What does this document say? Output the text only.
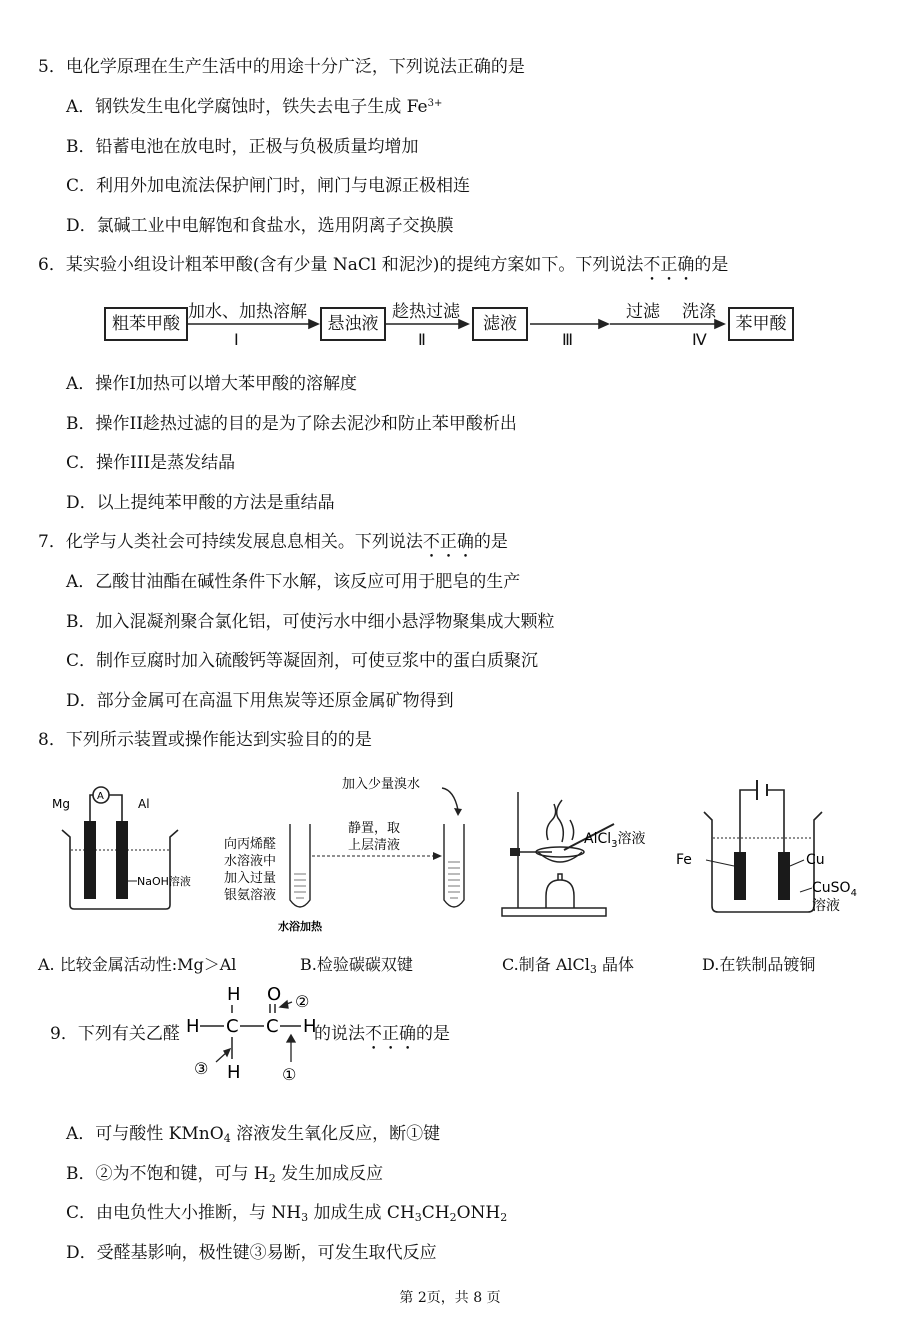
5．电化学原理在生产生活中的用途十分广泛，下列说法正确的是
A．钢铁发生电化学腐蚀时，铁失去电子生成 $Fe^{3+}$
B．铅蓄电池在放电时，正极与负极质量均增加
C．利用外加电流法保护闸门时，闸门与电源正极相连
D．氯碱工业中电解饱和食盐水，选用阴离子交换膜
6．某实验小组设计粗苯甲酸(含有少量 NaCl 和泥沙)的提纯方案如下。下列说法不正确的是
粗苯甲酸	悬浊液	滤液	苯甲酸
加水、加热溶解	趁热过滤	过滤 洗涤
Ⅰ	Ⅱ	Ⅲ	Ⅳ
A．操作I加热可以增大苯甲酸的溶解度
B．操作II趁热过滤的目的是为了除去泥沙和防止苯甲酸析出
C．操作III是蒸发结晶
D．以上提纯苯甲酸的方法是重结晶
7．化学与人类社会可持续发展息息相关。下列说法不正确的是
A．乙酸甘油酯在碱性条件下水解，该反应可用于肥皂的生产
B．加入混凝剂聚合氯化铝，可使污水中细小悬浮物聚集成大颗粒
C．制作豆腐时加入硫酸钙等凝固剂，可使豆浆中的蛋白质聚沉
D．部分金属可在高温下用焦炭等还原金属矿物得到
8．下列所示装置或操作能达到实验目的的是
Mg	Al
A
NaOH溶液
加入少量溴水
向丙烯醛
水溶液中
加入过量
银氨溶液
静置，取
上层清液
水浴加热
AlCl$_3$溶液
Fe	Cu
CuSO$_4$
溶液
A. 比较金属活动性:Mg＞Al	B.检验碳碳双键	C.制备 AlCl$_3$ 晶体	D.在铁制品镀铜
9．下列有关乙醛 H C C H
H
H
O ②
③	①
的说法不正确的是
A．可与酸性 KMnO$_4$ 溶液发生氧化反应，断①键
B．②为不饱和键，可与 $H_2$ 发生加成反应
C．由电负性大小推断，与 $NH_3$ 加成生成 $CH_3CH_2ONH_2$
D．受醛基影响，极性键③易断，可发生取代反应
第 2页，共 8 页
